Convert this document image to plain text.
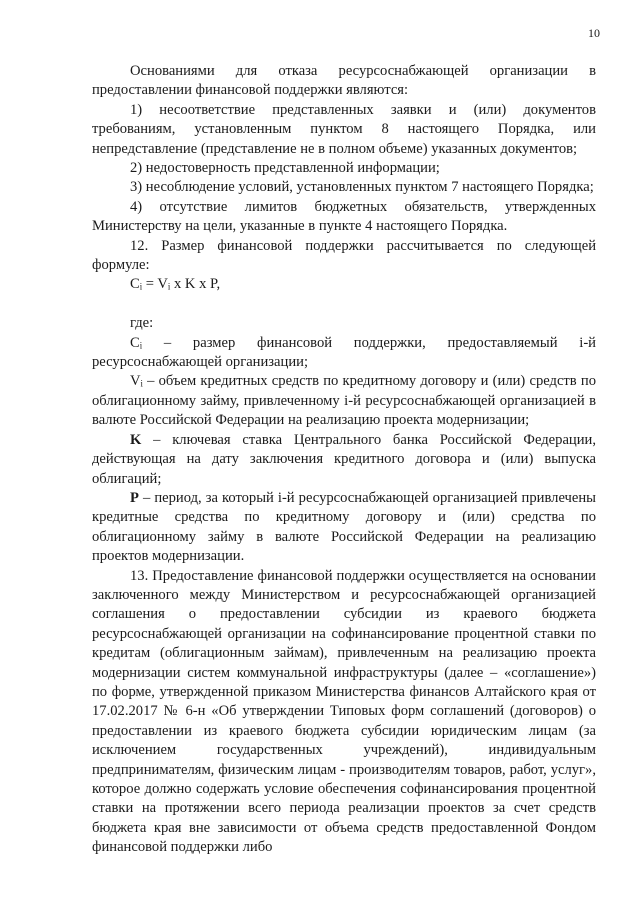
10

Основаниями для отказа ресурсоснабжающей организации в предоставлении финансовой поддержки являются:

1) несоответствие представленных заявки и (или) документов требованиям, установленным пунктом 8 настоящего Порядка, или непредставление (представление не в полном объеме) указанных документов;

2) недостоверность представленной информации;

3) несоблюдение условий, установленных пунктом 7 настоящего Порядка;

4) отсутствие лимитов бюджетных обязательств, утвержденных Министерству на цели, указанные в пункте 4 настоящего Порядка.

12. Размер финансовой поддержки рассчитывается по следующей формуле:

Cᵢ = Vᵢ x K x P,

где:

Cᵢ – размер финансовой поддержки, предоставляемый i-й ресурсоснабжающей организации;

Vᵢ – объем кредитных средств по кредитному договору и (или) средств по облигационному займу, привлеченному i-й ресурсоснабжающей организацией в валюте Российской Федерации на реализацию проекта модернизации;

K – ключевая ставка Центрального банка Российской Федерации, действующая на дату заключения кредитного договора и (или) выпуска облигаций;

P – период, за который i-й ресурсоснабжающей организацией привлечены кредитные средства по кредитному договору и (или) средства по облигационному займу в валюте Российской Федерации на реализацию проектов модернизации.

13. Предоставление финансовой поддержки осуществляется на основании заключенного между Министерством и ресурсоснабжающей организацией соглашения о предоставлении субсидии из краевого бюджета ресурсоснабжающей организации на софинансирование процентной ставки по кредитам (облигационным займам), привлеченным на реализацию проекта модернизации систем коммунальной инфраструктуры (далее – «соглашение») по форме, утвержденной приказом Министерства финансов Алтайского края от 17.02.2017 № 6-н «Об утверждении Типовых форм соглашений (договоров) о предоставлении из краевого бюджета субсидии юридическим лицам (за исключением государственных учреждений), индивидуальным предпринимателям, физическим лицам - производителям товаров, работ, услуг», которое должно содержать условие обеспечения софинансирования процентной ставки на протяжении всего периода реализации проектов за счет средств бюджета края вне зависимости от объема средств предоставленной Фондом финансовой поддержки либо
